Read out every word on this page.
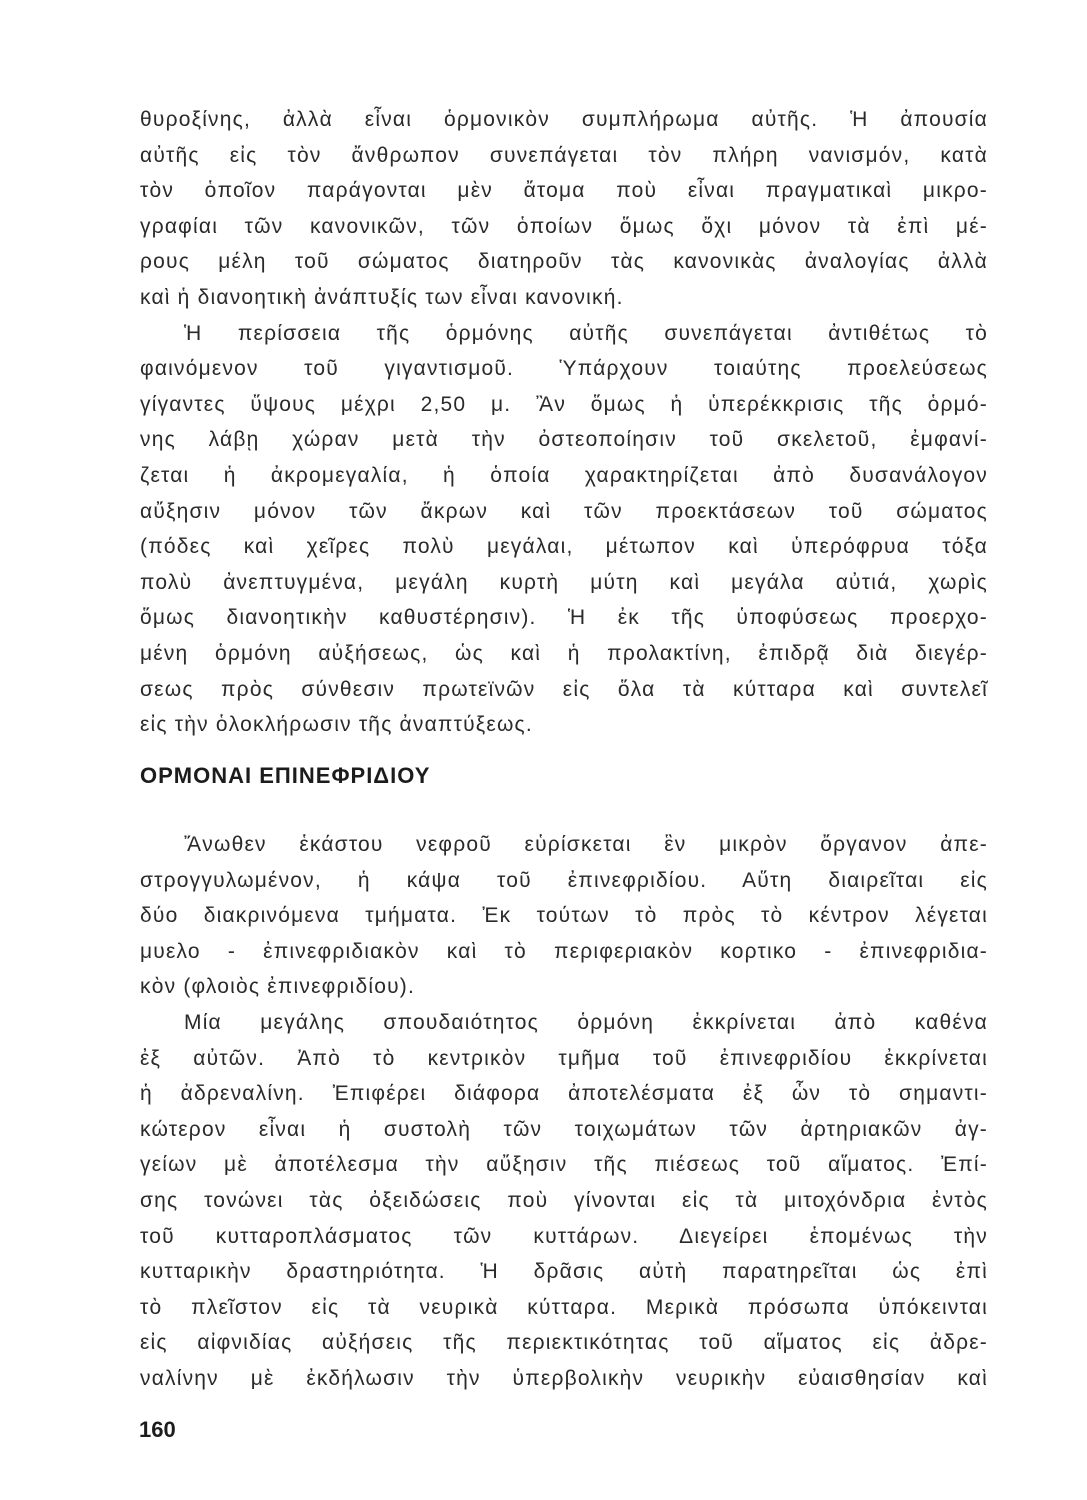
θυροξίνης, ἀλλὰ εἶναι ὁρμονικὸν συμπλήρωμα αὐτῆς. Ἡ ἀπουσία
αὐτῆς εἰς τὸν ἄνθρωπον συνεπάγεται τὸν πλήρη νανισμόν, κατὰ
τὸν ὁποῖον παράγονται μὲν ἄτομα ποὺ εἶναι πραγματικαὶ μικρο-
γραφίαι τῶν κανονικῶν, τῶν ὁποίων ὅμως ὄχι μόνον τὰ ἐπὶ μέ-
ρους μέλη τοῦ σώματος διατηροῦν τὰς κανονικὰς ἀναλογίας ἀλλὰ
καὶ ἡ διανοητικὴ ἀνάπτυξίς των εἶναι κανονική.
Ἡ περίσσεια τῆς ὁρμόνης αὐτῆς συνεπάγεται ἀντιθέτως τὸ
φαινόμενον τοῦ γιγαντισμοῦ. Ὑπάρχουν τοιαύτης προελεύσεως
γίγαντες ὕψους μέχρι 2,50 μ. Ἂν ὅμως ἡ ὑπερέκκρισις τῆς ὁρμό-
νης λάβῃ χώραν μετὰ τὴν ὀστεοποίησιν τοῦ σκελετοῦ, ἐμφανί-
ζεται ἡ ἀκρομεγαλία, ἡ ὁποία χαρακτηρίζεται ἀπὸ δυσανάλογον
αὔξησιν μόνον τῶν ἄκρων καὶ τῶν προεκτάσεων τοῦ σώματος
(πόδες καὶ χεῖρες πολὺ μεγάλαι, μέτωπον καὶ ὑπερόφρυα τόξα
πολὺ ἀνεπτυγμένα, μεγάλη κυρτὴ μύτη καὶ μεγάλα αὐτιά, χωρὶς
ὅμως διανοητικὴν καθυστέρησιν). Ἡ ἐκ τῆς ὑποφύσεως προερχο-
μένη ὁρμόνη αὐξήσεως, ὡς καὶ ἡ προλακτίνη, ἐπιδρᾷ διὰ διεγέρ-
σεως πρὸς σύνθεσιν πρωτεϊνῶν εἰς ὅλα τὰ κύτταρα καὶ συντελεῖ
εἰς τὴν ὁλοκλήρωσιν τῆς ἀναπτύξεως.
ΟΡΜΟΝΑΙ ΕΠΙΝΕΦΡΙΔΙΟΥ
Ἄνωθεν ἑκάστου νεφροῦ εὑρίσκεται ἓν μικρὸν ὄργανον ἀπε-
στρογγυλωμένον, ἡ κάψα τοῦ ἐπινεφριδίου. Αὕτη διαιρεῖται εἰς
δύο διακρινόμενα τμήματα. Ἐκ τούτων τὸ πρὸς τὸ κέντρον λέγεται
μυελο - ἐπινεφριδιακὸν καὶ τὸ περιφεριακὸν κορτικο - ἐπινεφριδια-
κὸν (φλοιὸς ἐπινεφριδίου).
Μία μεγάλης σπουδαιότητος ὁρμόνη ἐκκρίνεται ἀπὸ καθένα
ἐξ αὐτῶν. Ἀπὸ τὸ κεντρικὸν τμῆμα τοῦ ἐπινεφριδίου ἐκκρίνεται
ἡ ἀδρεναλίνη. Ἐπιφέρει διάφορα ἀποτελέσματα ἐξ ὧν τὸ σημαντι-
κώτερον εἶναι ἡ συστολὴ τῶν τοιχωμάτων τῶν ἀρτηριακῶν ἀγ-
γείων μὲ ἀποτέλεσμα τὴν αὔξησιν τῆς πιέσεως τοῦ αἵματος. Ἐπί-
σης τονώνει τὰς ὀξειδώσεις ποὺ γίνονται εἰς τὰ μιτοχόνδρια ἐντὸς
τοῦ κυτταροπλάσματος τῶν κυττάρων. Διεγείρει ἑπομένως τὴν
κυτταρικὴν δραστηριότητα. Ἡ δρᾶσις αὐτὴ παρατηρεῖται ὡς ἐπὶ
τὸ πλεῖστον εἰς τὰ νευρικὰ κύτταρα. Μερικὰ πρόσωπα ὑπόκεινται
εἰς αἰφνιδίας αὐξήσεις τῆς περιεκτικότητας τοῦ αἵματος εἰς ἀδρε-
ναλίνην μὲ ἐκδήλωσιν τὴν ὑπερβολικὴν νευρικὴν εὐαισθησίαν καὶ

160
